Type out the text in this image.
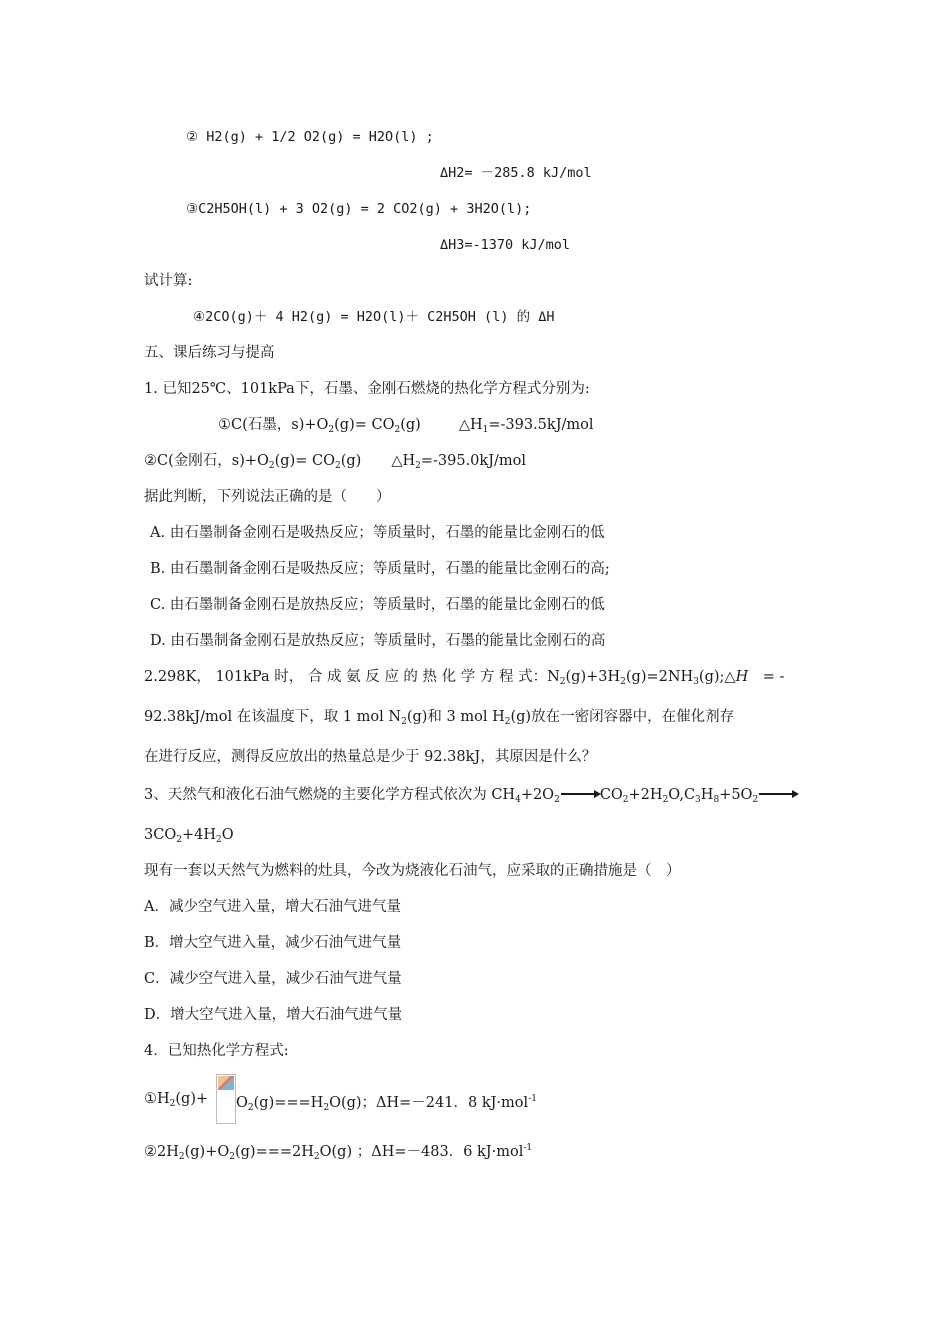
② H2(g) + 1/2 O2(g) = H2O(l) ;
ΔH2= －285.8 kJ/mol
③C2H5OH(l) + 3 O2(g) = 2 CO2(g) + 3H2O(l);
ΔH3=-1370 kJ/mol
试计算:
④2CO(g)＋ 4 H2(g) = H2O(l)＋ C2H5OH (l) 的 ΔH
五、课后练习与提高
1. 已知25℃、101kPa下，石墨、金刚石燃烧的热化学方程式分别为:
①C(石墨，$s)+O_2(g)= CO_2(g)$	$\triangle H_1=-393.5kJ$/mol
②C(金刚石，$s)+O_2(g)= CO_2(g)$ $\triangle H_2=-395.0kJ$/mol
据此判断，下列说法正确的是（　　）
A. 由石墨制备金刚石是吸热反应；等质量时，石墨的能量比金刚石的低
B. 由石墨制备金刚石是吸热反应；等质量时，石墨的能量比金刚石的高;
C. 由石墨制备金刚石是放热反应；等质量时，石墨的能量比金刚石的低
D. 由石墨制备金刚石是放热反应；等质量时，石墨的能量比金刚石的高
2.298K， 101kPa 时， 合 成 氨 反 应 的 热 化 学 方 程 式：$N_2(g)+3H_2(g)=2NH_3(g);\triangle H$　= -
92.38kJ/mol 在该温度下，取 1 mol $N_2(g)$和 3 mol $H_2(g)$放在一密闭容器中，在催化剂存
在进行反应，测得反应放出的热量总是少于 92.38kJ，其原因是什么？
3、天然气和液化石油气燃烧的主要化学方程式依次为 $CH_4+2O_2 \to CO_2+2H_2O,C_3H_8+5O_2$
$3CO_2+4H_2O$
现有一套以天然气为燃料的灶具，今改为烧液化石油气，应采取的正确措施是（　）
A．减少空气进入量，增大石油气进气量
B．增大空气进入量，减少石油气进气量
C．减少空气进入量，减少石油气进气量
D．增大空气进入量，增大石油气进气量
4．已知热化学方程式:
$①H_2(g)+ O_2(g)===H_2O(g)$；ΔH=－241．8 kJ·mol$^{-1}$
$②2H_2(g)+O_2(g)===2H_2O(g)$ ；ΔH=－483．6 kJ·mol$^{-1}$
